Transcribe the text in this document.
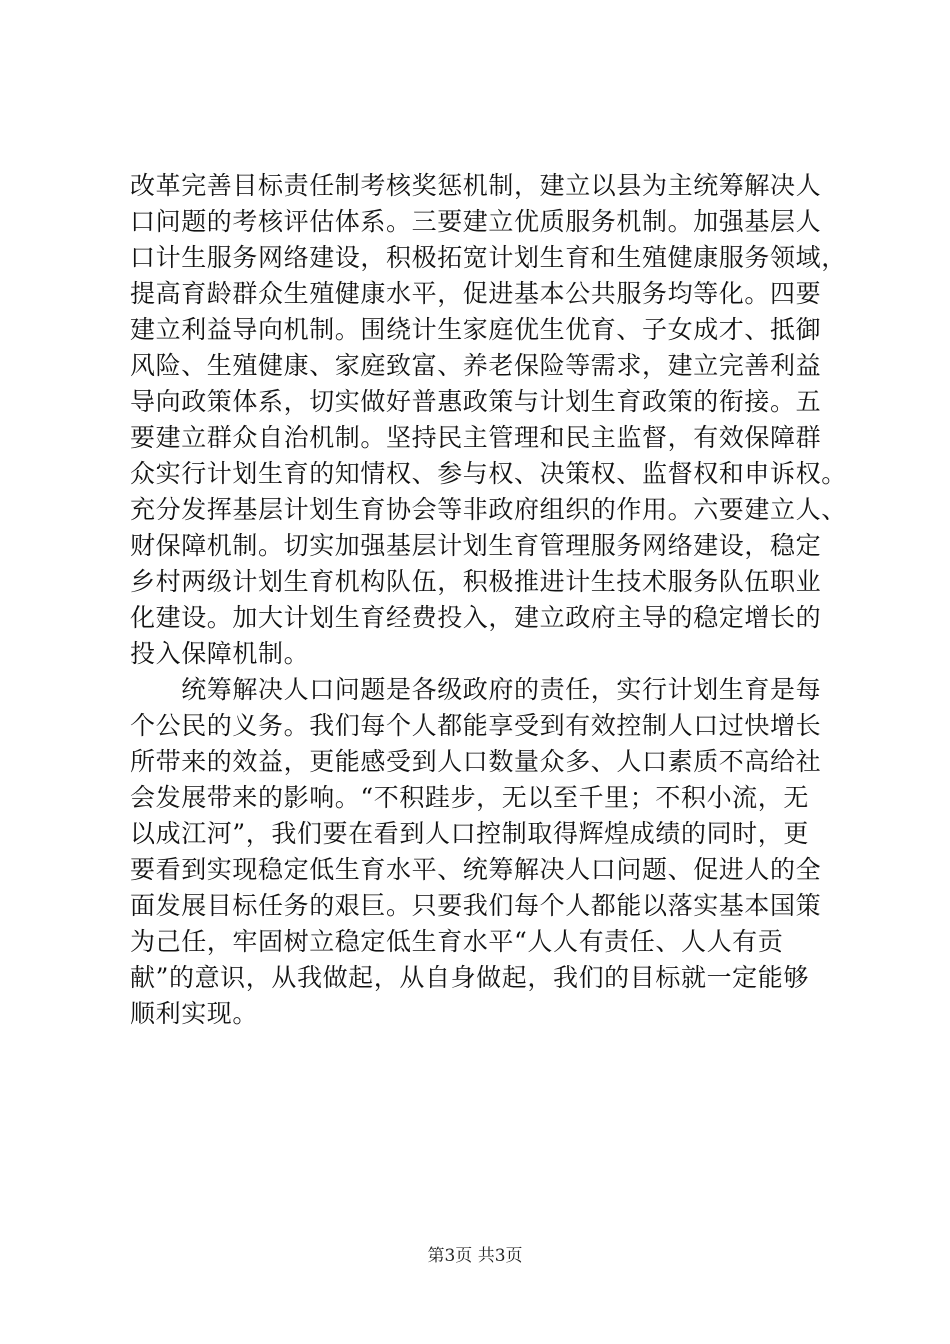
改革完善目标责任制考核奖惩机制，建立以县为主统筹解决人
口问题的考核评估体系。三要建立优质服务机制。加强基层人
口计生服务网络建设，积极拓宽计划生育和生殖健康服务领域，
提高育龄群众生殖健康水平，促进基本公共服务均等化。四要
建立利益导向机制。围绕计生家庭优生优育、子女成才、抵御
风险、生殖健康、家庭致富、养老保险等需求，建立完善利益
导向政策体系，切实做好普惠政策与计划生育政策的衔接。五
要建立群众自治机制。坚持民主管理和民主监督，有效保障群
众实行计划生育的知情权、参与权、决策权、监督权和申诉权。
充分发挥基层计划生育协会等非政府组织的作用。六要建立人、
财保障机制。切实加强基层计划生育管理服务网络建设，稳定
乡村两级计划生育机构队伍，积极推进计生技术服务队伍职业
化建设。加大计划生育经费投入，建立政府主导的稳定增长的
投入保障机制。
　　统筹解决人口问题是各级政府的责任，实行计划生育是每
个公民的义务。我们每个人都能享受到有效控制人口过快增长
所带来的效益，更能感受到人口数量众多、人口素质不高给社
会发展带来的影响。“不积跬步，无以至千里；不积小流，无
以成江河”，我们要在看到人口控制取得辉煌成绩的同时，更
要看到实现稳定低生育水平、统筹解决人口问题、促进人的全
面发展目标任务的艰巨。只要我们每个人都能以落实基本国策
为己任，牢固树立稳定低生育水平“人人有责任、人人有贡
献”的意识，从我做起，从自身做起，我们的目标就一定能够
顺利实现。
第3页 共3页
